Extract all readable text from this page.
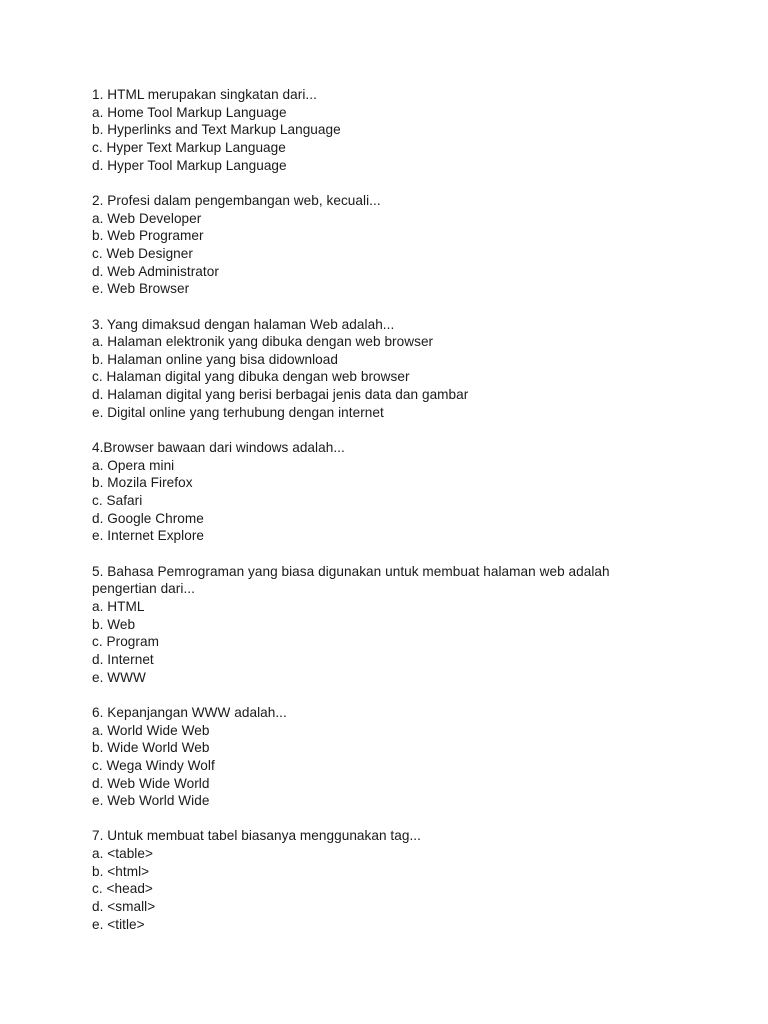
1. HTML merupakan singkatan dari...
a. Home Tool Markup Language
b. Hyperlinks and Text Markup Language
c. Hyper Text Markup Language
d. Hyper Tool Markup Language
2. Profesi dalam pengembangan web, kecuali...
a. Web Developer
b. Web Programer
c. Web Designer
d. Web Administrator
e. Web Browser
3. Yang dimaksud dengan halaman Web adalah...
a. Halaman elektronik yang dibuka dengan web browser
b. Halaman online yang bisa didownload
c. Halaman digital yang dibuka dengan web browser
d. Halaman digital yang berisi berbagai jenis data dan gambar
e. Digital online yang terhubung dengan internet
4.Browser bawaan dari windows adalah...
a. Opera mini
b. Mozila Firefox
c. Safari
d. Google Chrome
e. Internet Explore
5. Bahasa Pemrograman yang biasa digunakan untuk membuat halaman web adalah
pengertian dari...
a. HTML
b. Web
c. Program
d. Internet
e. WWW
6. Kepanjangan WWW adalah...
a. World Wide Web
b. Wide World Web
c. Wega Windy Wolf
d. Web Wide World
e. Web World Wide
7. Untuk membuat tabel biasanya menggunakan tag...
a. <table>
b. <html>
c. <head>
d. <small>
e. <title>
